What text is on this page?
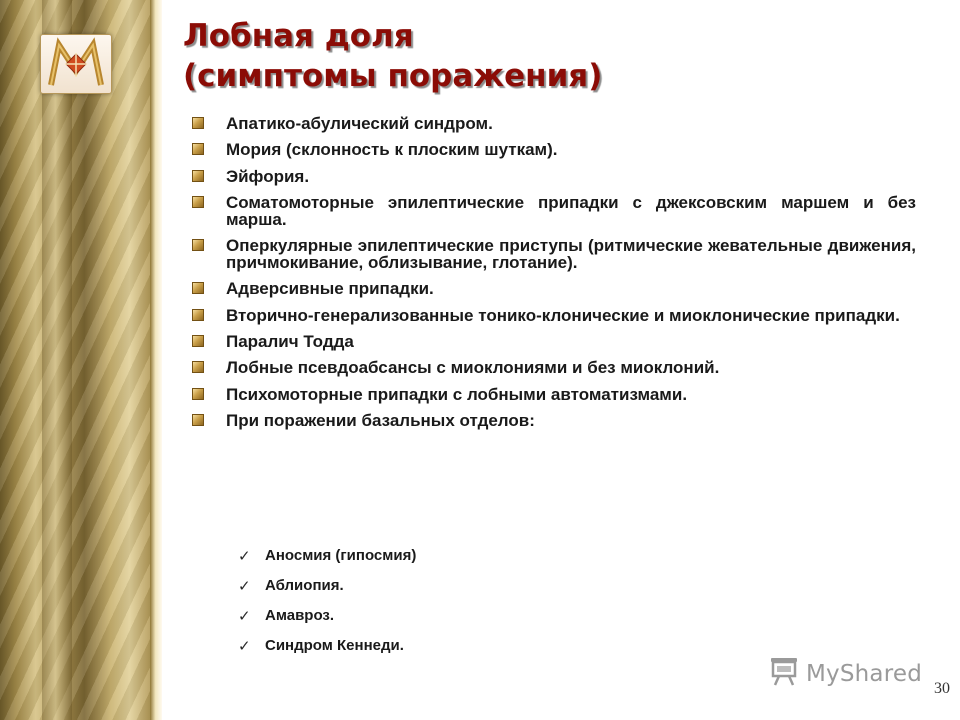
Лобная доля
(симптомы поражения)
Апатико-абулический синдром.
Мория (склонность к плоским шуткам).
Эйфория.
Соматомоторные эпилептические припадки с джексовским маршем и без марша.
Оперкулярные эпилептические приступы (ритмические жевательные движения, причмокивание, облизывание, глотание).
Адверсивные припадки.
Вторично-генерализованные тонико-клонические и миоклонические припадки.
Паралич Тодда
Лобные псевдоабсансы с миоклониями и без миоклоний.
Психомоторные припадки с лобными автоматизмами.
При поражении базальных отделов:
✓ Аносмия (гипосмия)
✓ Аблиопия.
✓ Амавроз.
✓ Синдром Кеннеди.
MyShared
30
